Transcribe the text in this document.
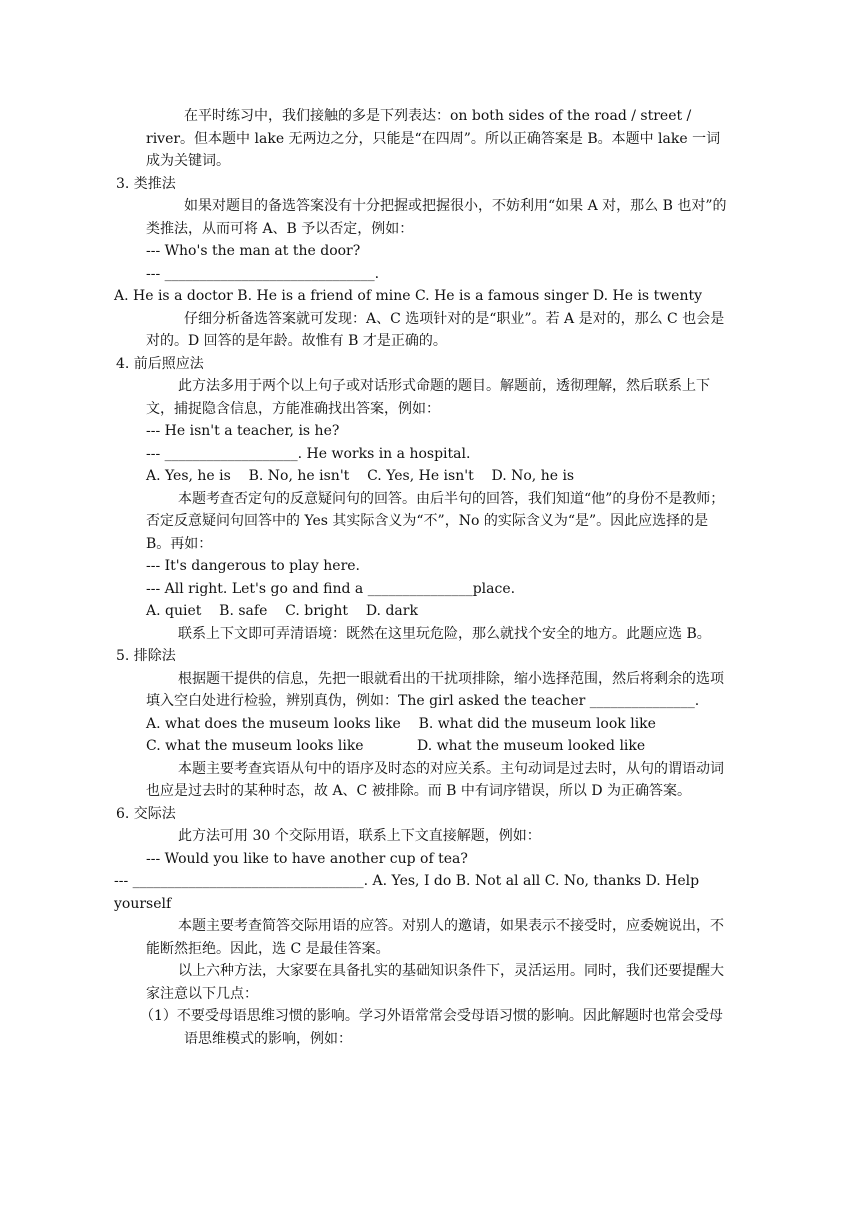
在平时练习中，我们接触的多是下列表达：on both sides of the road / street / river。但本题中 lake 无两边之分，只能是“在四周”。所以正确答案是 B。本题中 lake 一词成为关键词。

3. 类推法

如果对题目的备选答案没有十分把握或把握很小，不妨利用“如果 A 对，那么 B 也对”的类推法，从而可将 A、B 予以否定，例如：

--- Who's the man at the door?

--- ______________________________.

A. He is a doctor B. He is a friend of mine C. He is a famous singer D. He is twenty

仔细分析备选答案就可发现：A、C 选项针对的是“职业”。若 A 是对的，那么 C 也会是对的。D 回答的是年龄。故惟有 B 才是正确的。

4. 前后照应法

此方法多用于两个以上句子或对话形式命题的题目。解题前，透彻理解，然后联系上下文，捕捉隐含信息，方能准确找出答案，例如：

--- He isn't a teacher, is he?

--- ___________________. He works in a hospital.

A. Yes, he is    B. No, he isn't    C. Yes, He isn't    D. No, he is

本题考查否定句的反意疑问句的回答。由后半句的回答，我们知道“他”的身份不是教师；否定反意疑问句回答中的 Yes 其实际含义为“不”，No 的实际含义为“是”。因此应选择的是 B。再如：

--- It's dangerous to play here.

--- All right. Let's go and find a _______________place.

A. quiet    B. safe    C. bright    D. dark

联系上下文即可弄清语境：既然在这里玩危险，那么就找个安全的地方。此题应选 B。

5. 排除法

根据题干提供的信息，先把一眼就看出的干扰项排除，缩小选择范围，然后将剩余的选项填入空白处进行检验，辨别真伪，例如：The girl asked the teacher _______________.

A. what does the museum looks like    B. what did the museum look like

C. what the museum looks like            D. what the museum looked like

本题主要考查宾语从句中的语序及时态的对应关系。主句动词是过去时，从句的谓语动词也应是过去时的某种时态，故 A、C 被排除。而 B 中有词序错误，所以 D 为正确答案。

6. 交际法

此方法可用 30 个交际用语，联系上下文直接解题，例如：

--- Would you like to have another cup of tea?

--- _________________________________. A. Yes, I do B. Not al all C. No, thanks D. Help yourself

本题主要考查简答交际用语的应答。对别人的邀请，如果表示不接受时，应委婉说出，不能断然拒绝。因此，选 C 是最佳答案。

以上六种方法，大家要在具备扎实的基础知识条件下，灵活运用。同时，我们还要提醒大家注意以下几点：

（1）不要受母语思维习惯的影响。学习外语常常会受母语习惯的影响。因此解题时也常会受母语思维模式的影响，例如：
